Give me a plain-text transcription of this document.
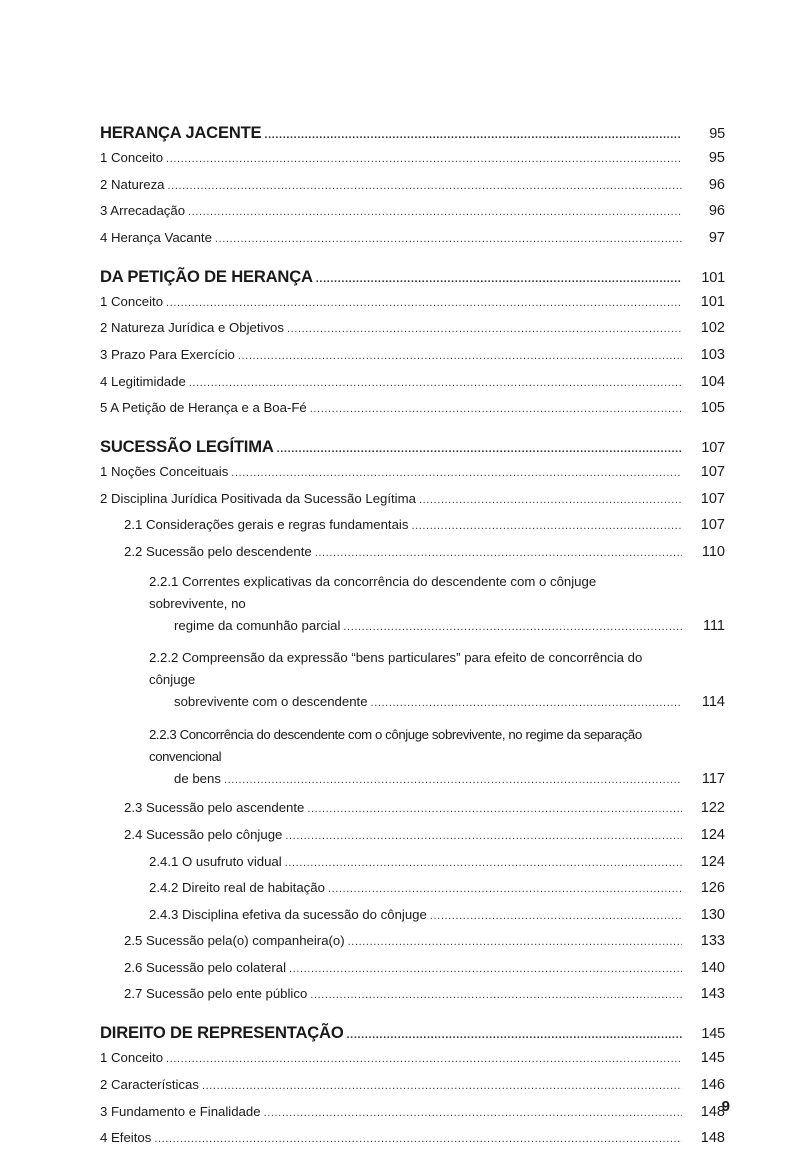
HERANÇA JACENTE .....	95
1 Conceito .....	95
2 Natureza .....	96
3 Arrecadação .....	96
4 Herança Vacante .....	97
DA PETIÇÃO DE HERANÇA .....	101
1 Conceito .....	101
2 Natureza Jurídica e Objetivos .....	102
3 Prazo Para Exercício .....	103
4 Legitimidade .....	104
5 A Petição de Herança e a Boa-Fé .....	105
SUCESSÃO LEGÍTIMA .....	107
1 Noções Conceituais .....	107
2 Disciplina Jurídica Positivada da Sucessão Legítima .....	107
2.1 Considerações gerais e regras fundamentais .....	107
2.2 Sucessão pelo descendente .....	110
2.2.1 Correntes explicativas da concorrência do descendente com o cônjuge sobrevivente, no
regime da comunhão parcial .....	111
2.2.2 Compreensão da expressão “bens particulares” para efeito de concorrência do cônjuge
sobrevivente com o descendente .....	114
2.2.3 Concorrência do descendente com o cônjuge sobrevivente, no regime da separação convencional
de bens .....	117
2.3 Sucessão pelo ascendente .....	122
2.4 Sucessão pelo cônjuge .....	124
2.4.1 O usufruto vidual .....	124
2.4.2 Direito real de habitação .....	126
2.4.3 Disciplina efetiva da sucessão do cônjuge .....	130
2.5 Sucessão pela(o) companheira(o) .....	133
2.6 Sucessão pelo colateral .....	140
2.7 Sucessão pelo ente público .....	143
DIREITO DE REPRESENTAÇÃO .....	145
1 Conceito .....	145
2 Características .....	146
3 Fundamento e Finalidade .....	148
4 Efeitos .....	148
9
